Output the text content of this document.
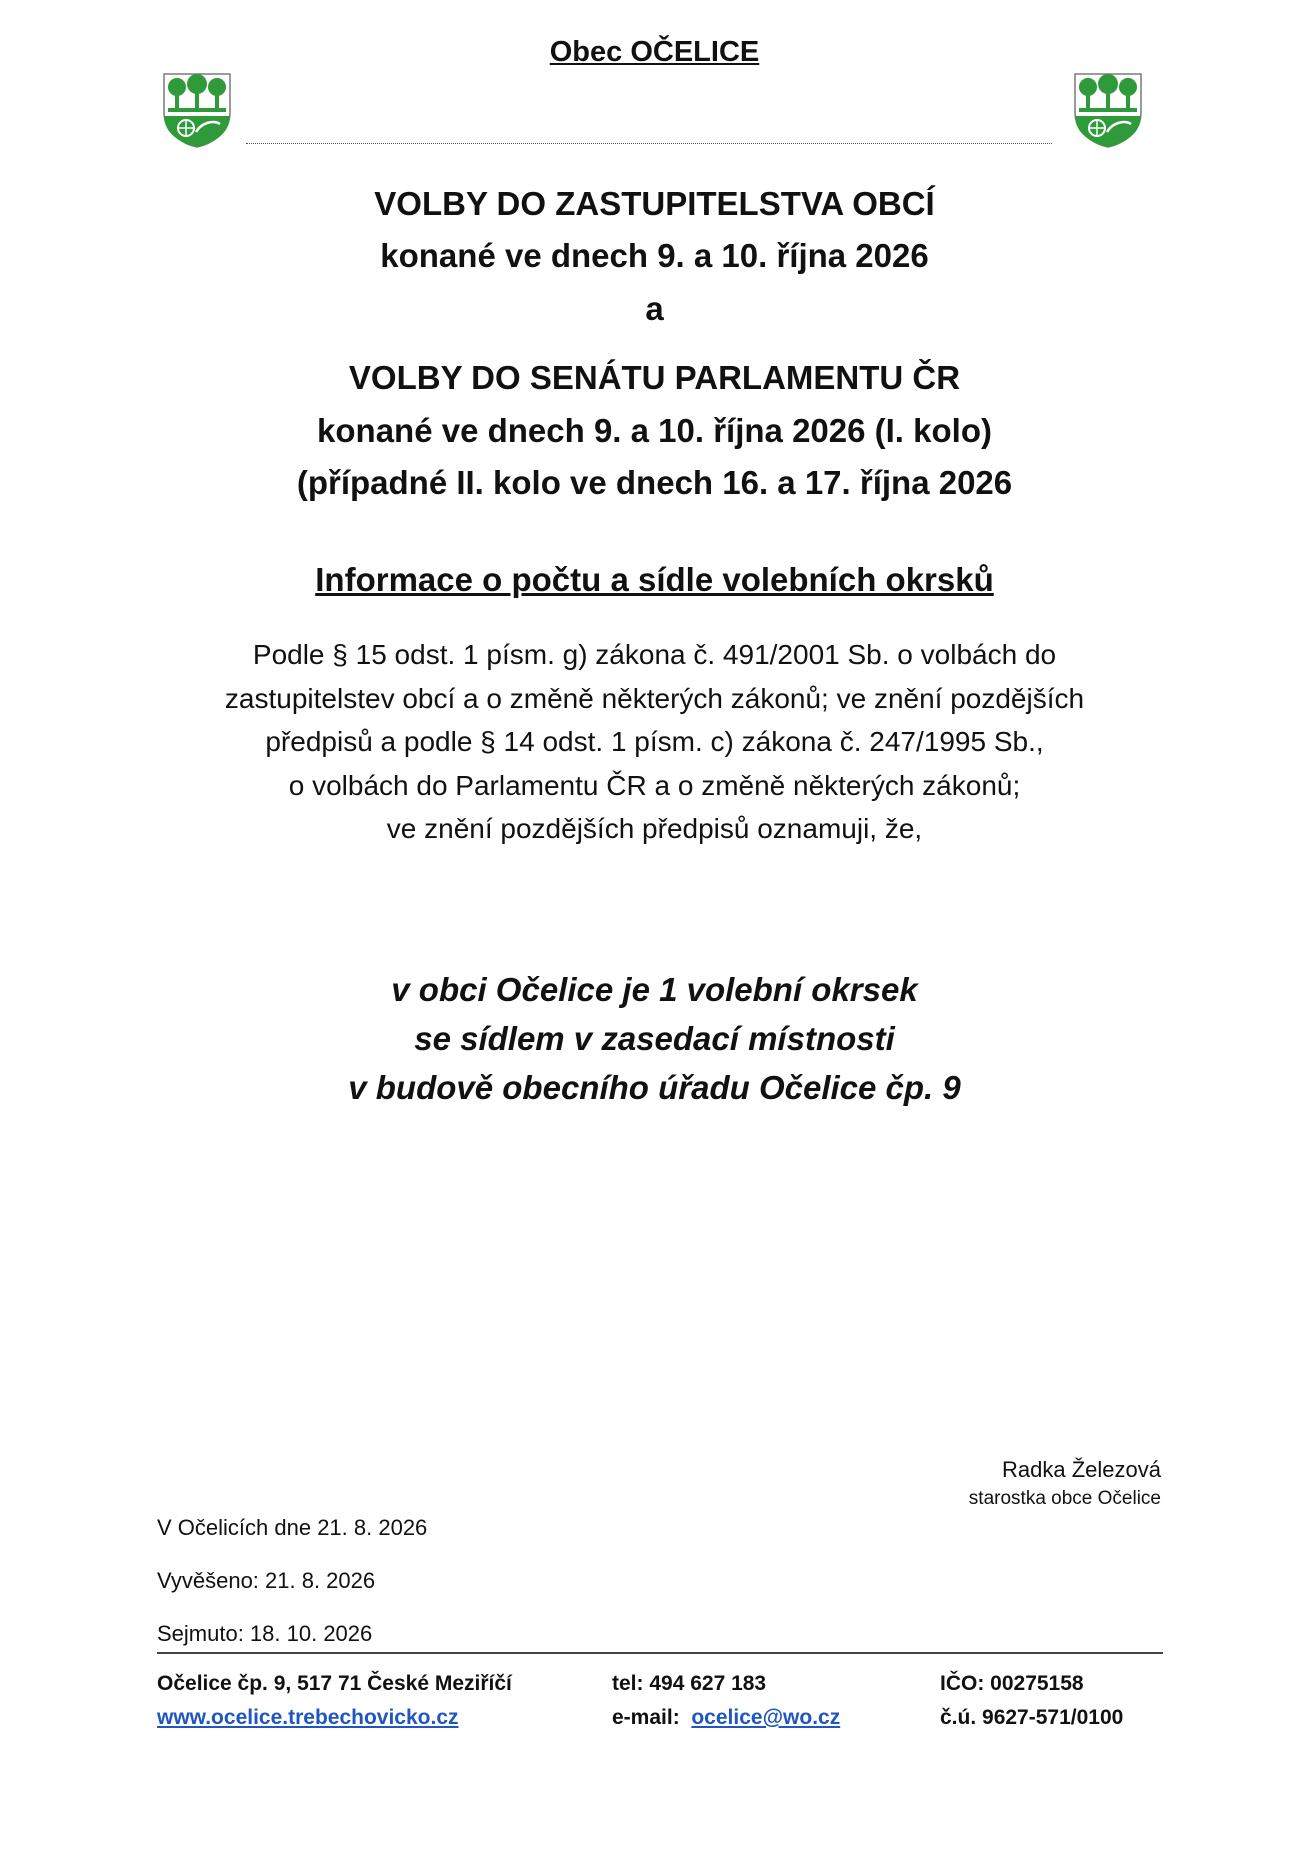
Obec OČELICE
VOLBY DO ZASTUPITELSTVA OBCÍ
konané ve dnech 9. a 10. října 2026
a
VOLBY DO SENÁTU PARLAMENTU ČR
konané ve dnech 9. a 10. října 2026 (I. kolo)
(případné II. kolo ve dnech 16. a 17. října 2026
Informace o počtu a sídle volebních okrsků
Podle § 15 odst. 1 písm. g) zákona č. 491/2001 Sb. o volbách do
zastupitelstev obcí a o změně některých zákonů; ve znění pozdějších
předpisů a podle § 14 odst. 1 písm. c) zákona č. 247/1995 Sb.,
o volbách do Parlamentu ČR a o změně některých zákonů;
ve znění pozdějších předpisů oznamuji, že,
v obci Očelice je 1 volební okrsek
se sídlem v zasedací místnosti
v budově obecního úřadu Očelice čp. 9
Radka Železová
starostka obce Očelice
V Očelicích dne 21. 8. 2026
Vyvěšeno: 21. 8. 2026
Sejmuto: 18. 10. 2026
Očelice čp. 9, 517 71 České Meziříčí
www.ocelice.trebechovicko.cz
tel: 494 627 183
e-mail: ocelice@wo.cz
IČO: 00275158
č.ú. 9627-571/0100
